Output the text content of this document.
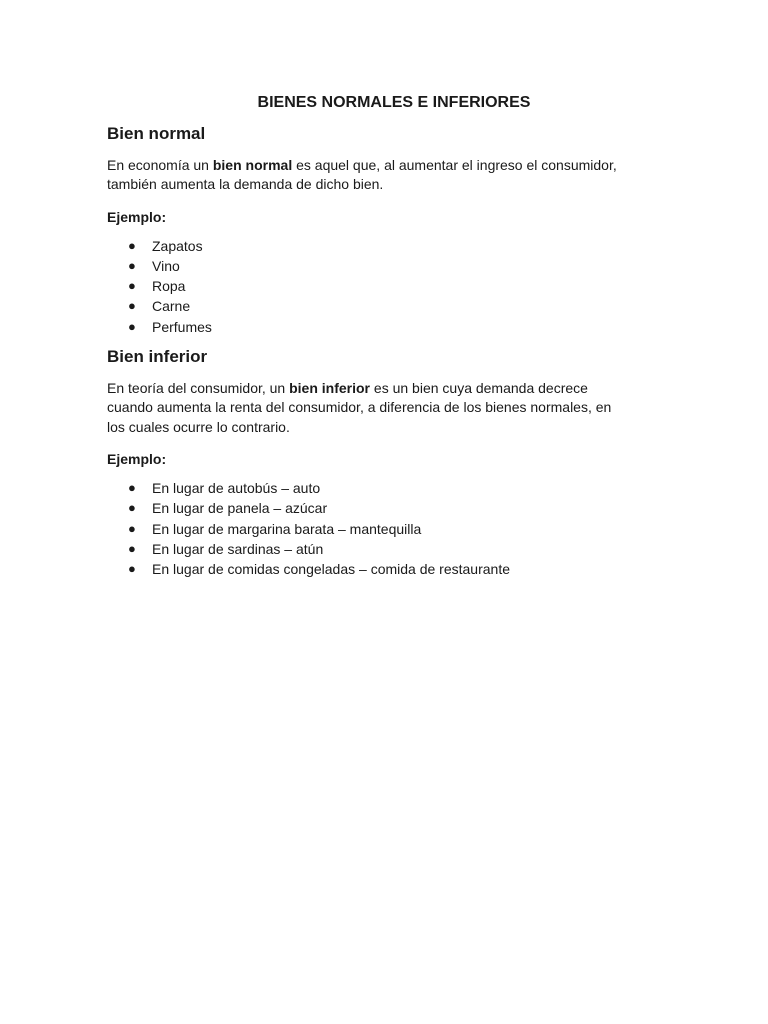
BIENES NORMALES E INFERIORES
Bien normal

En economía un bien normal es aquel que, al aumentar el ingreso el consumidor, también aumenta la demanda de dicho bien.

Ejemplo:

● Zapatos
● Vino
● Ropa
● Carne
● Perfumes
Bien inferior

En teoría del consumidor, un bien inferior es un bien cuya demanda decrece cuando aumenta la renta del consumidor, a diferencia de los bienes normales, en los cuales ocurre lo contrario.

Ejemplo:

● En lugar de autobús – auto
● En lugar de panela – azúcar
● En lugar de margarina barata – mantequilla
● En lugar de sardinas – atún
● En lugar de comidas congeladas – comida de restaurante
